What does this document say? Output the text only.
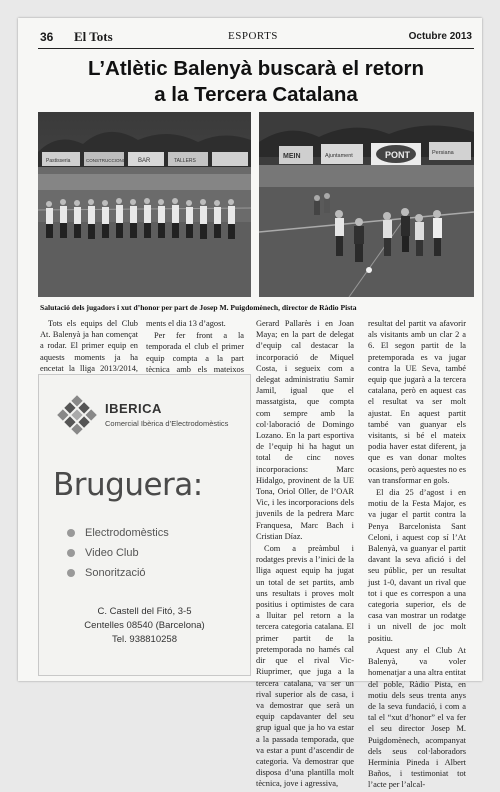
36 El Tots	ESPORTS	Octubre 2013
L’Atlètic Balenyà buscarà el retorn
a la Tercera Catalana
Pastisseria	CONSTRUCCIONS BAR	TALLERS
MEIN	Ajuntament	PONT	Persiana
Salutació dels jugadors i xut d’honor per part de Josep M. Puigdomènech, director de Ràdio Pista

Tots els equips del Club At. Balenyà ja han començat a rodar. El primer equip en aquests moments ja ha encetat la lliga 2013/2014,

ments el dia 13 d’agost.

Per fer front a la temporada el club el primer equip compta a la part tècnica amb els mateixos

Gerard Pallarès i en Joan Maya; en la part de delegat d’equip cal destacar la incorporació de Miquel Costa, i segueix com a delegat administratiu Samir Jamil, igual que el massatgista, que compta com sempre amb la col·laboració de Domingo Lozano. En la part esportiva de l’equip hi ha hagut un total de cinc noves incorporacions: Marc Hidalgo, provinent de la UE Tona, Oriol Oller, de l’OAR Vic, i les incorporacions dels juvenils de la pedrera Marc Franquesa, Marc Bach i Cristian Díaz.

Com a preàmbul i rodatges previs a l’inici de la lliga aquest equip ha jugat un total de set partits, amb uns resultats i proves molt positius i optimistes de cara a lluitar pel retorn a la tercera categoria catalana. El primer partit de la pretemporada no hamés cal dir que el rival Vic-Riuprimer, que juga a la tercera catalana, va ser un rival superior als de casa, i va demostrar que serà un equip capdavanter del seu grup igual que ja ho va estar a la passada temporada, que va estar a punt d’ascendir de categoria. Va demostrar que disposa d’una plantilla molt tècnica, jove i agressiva,

resultat del partit va afavorir als visitants amb un clar 2 a 6. El segon partit de la pretemporada es va jugar contra la UE Seva, també equip que jugarà a la tercera catalana, però en aquest cas el resultat va ser molt ajustat. En aquest partit també van guanyar els visitants, si bé el mateix podia haver estat diferent, ja que es van donar moltes ocasions, però aquestes no es van transformar en gols.

El dia 25 d’agost i en motiu de la Festa Major, es va jugar el partit contra la Penya Barcelonista Sant Celoni, i aquest cop sí l’At Balenyà, va guanyar el partit davant la seva afició i del seu públic, per un resultat just 1-0, davant un rival que tot i que es correspon a una categoria superior, els de casa van mostrar un rodatge i un nivell de joc molt positiu.

Aquest any el Club At Balenyà, va voler homenatjar a una altra entitat del poble, Ràdio Pista, en motiu dels seus trenta anys de la seva fundació, i com a tal el “xut d’honor” el va fer el seu director Josep M. Puigdomènech, acompanyat dels seus col·laboradors Herminia Pineda i Albert Baños, i testimoniat tot l’acte per l’alcal-

IBERICA
Comercial Ibèrica d’Electrodomèstics
Bruguera:
Electrodomèstics
Video Club
Sonorització
C. Castell del Fitó, 3-5
Centelles 08540 (Barcelona)
Tel. 938810258
